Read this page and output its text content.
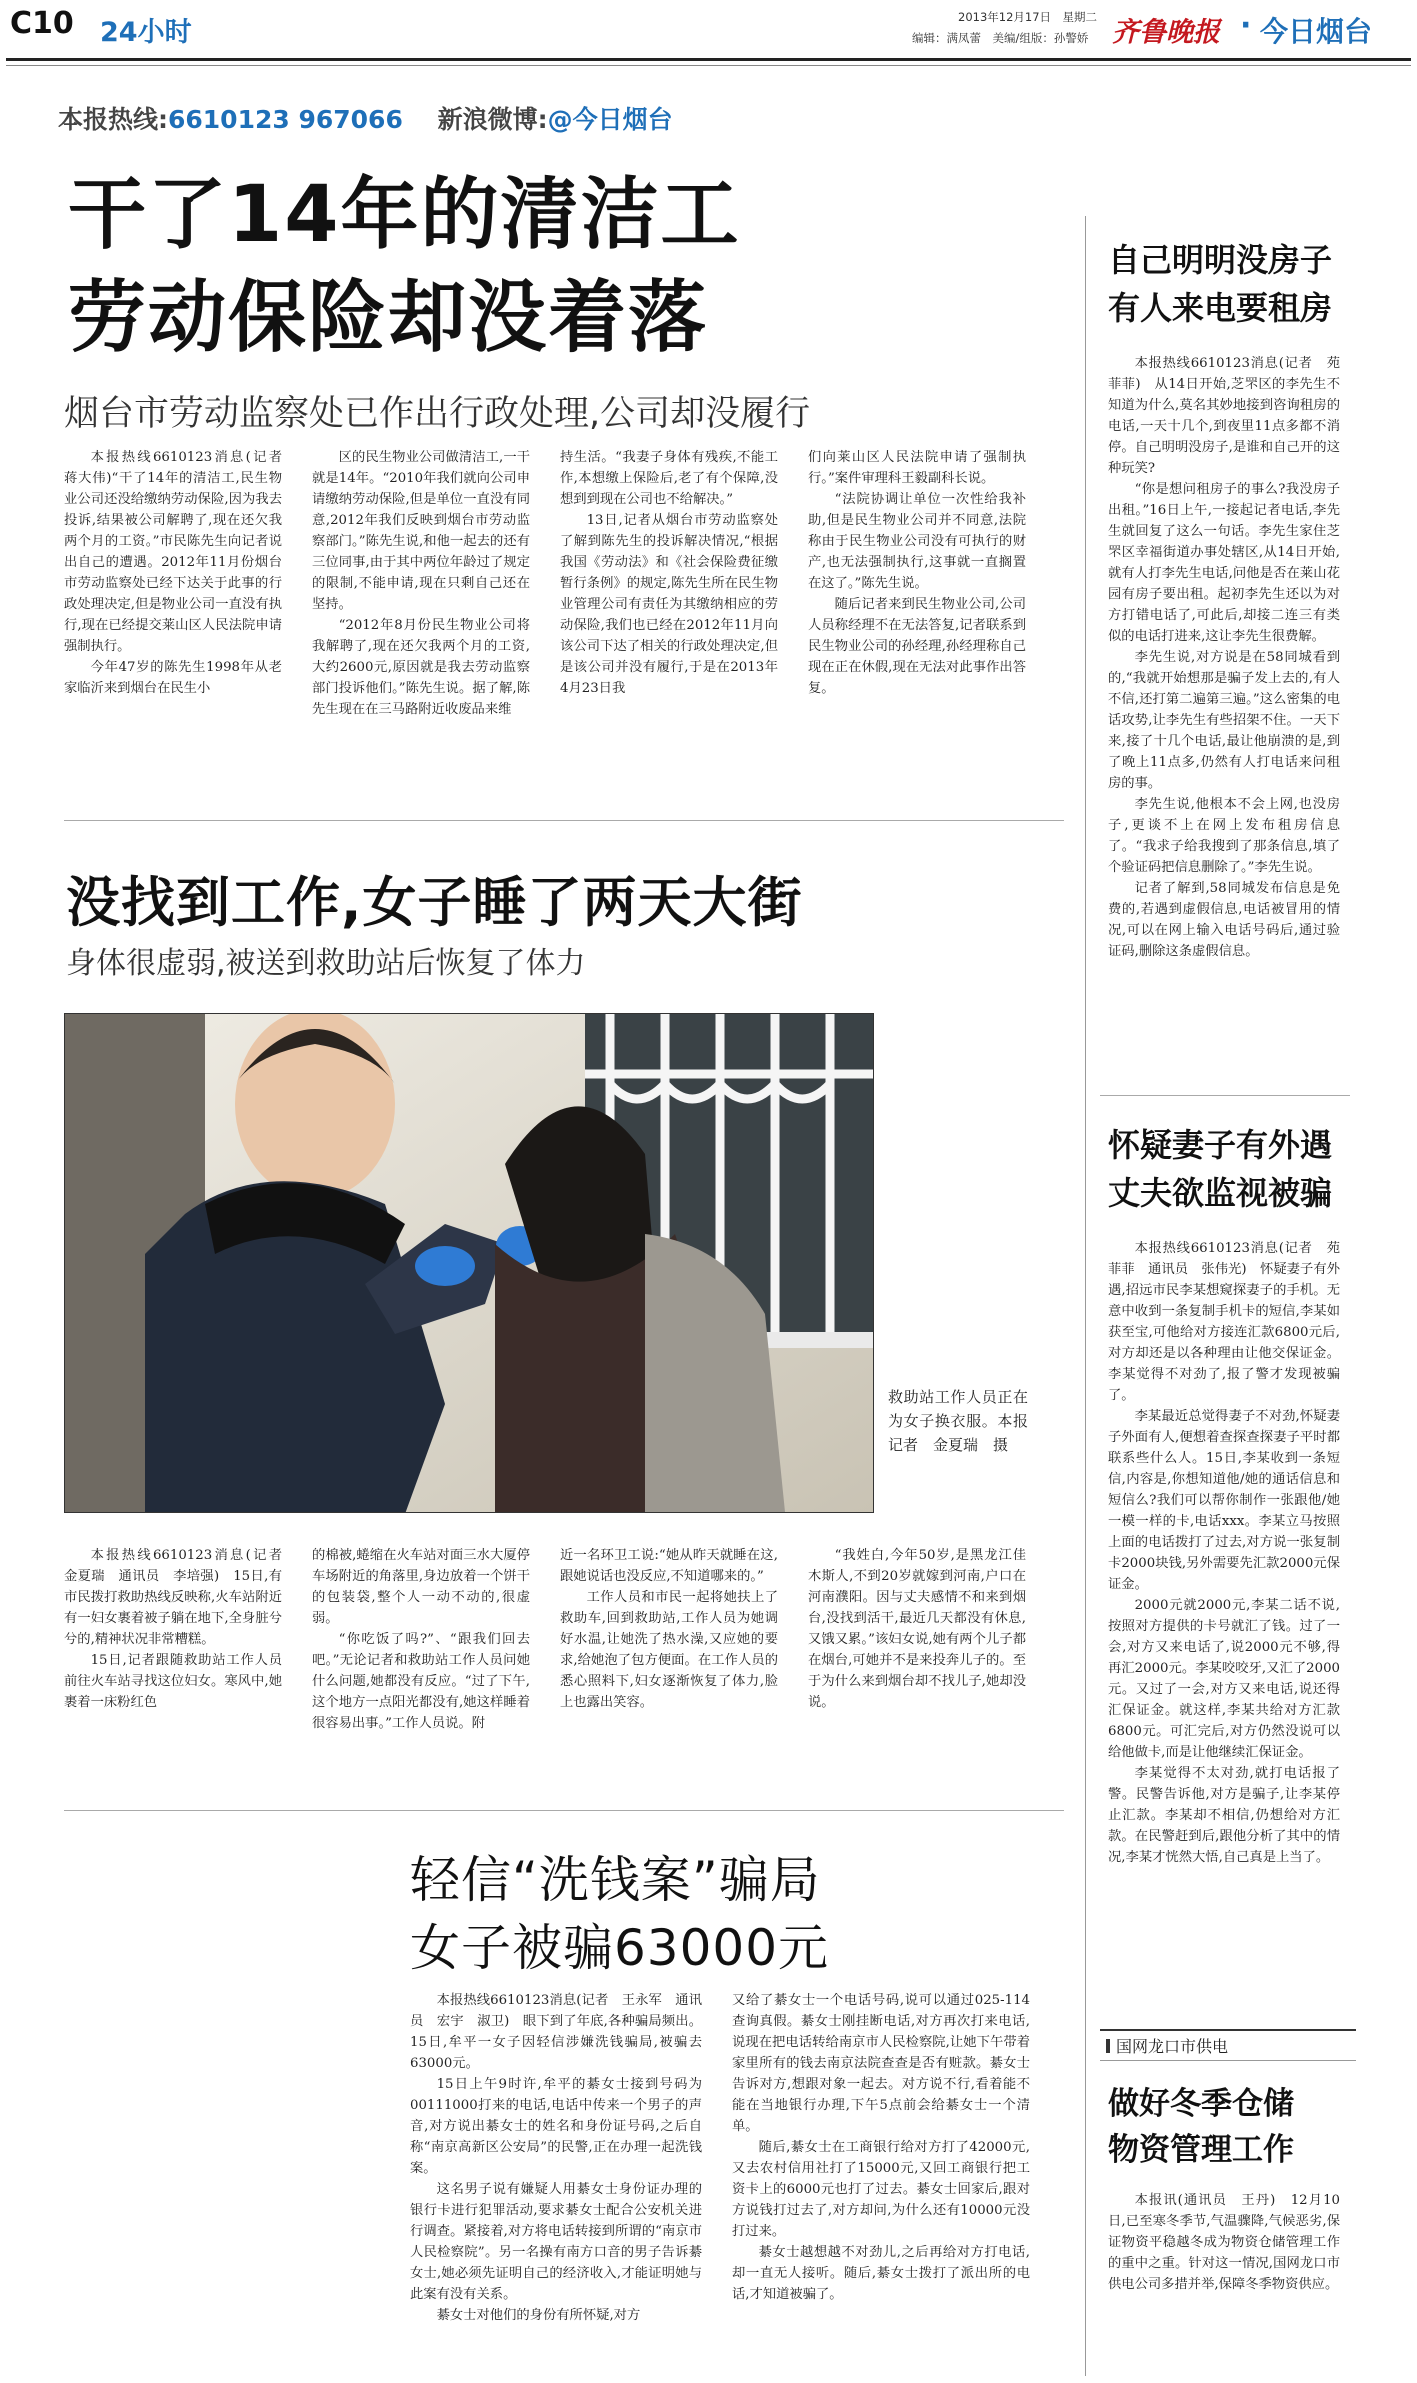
C10 24小时	2013年12月17日　星期二
编辑：满凤蕾　美编/组版：孙警娇 齐鲁晚报 · 今日烟台
本报热线:6610123 967066 新浪微博:@今日烟台
干了14年的清洁工
劳动保险却没着落
烟台市劳动监察处已作出行政处理,公司却没履行

本报热线6610123消息(记者　蒋大伟)“干了14年的清洁工,民生物业公司还没给缴纳劳动保险,因为我去投诉,结果被公司解聘了,现在还欠我两个月的工资。”市民陈先生向记者说出自己的遭遇。2012年11月份烟台市劳动监察处已经下达关于此事的行政处理决定,但是物业公司一直没有执行,现在已经提交莱山区人民法院申请强制执行。

今年47岁的陈先生1998年从老家临沂来到烟台在民生小

区的民生物业公司做清洁工,一干就是14年。“2010年我们就向公司申请缴纳劳动保险,但是单位一直没有同意,2012年我们反映到烟台市劳动监察部门。”陈先生说,和他一起去的还有三位同事,由于其中两位年龄过了规定的限制,不能申请,现在只剩自己还在坚持。

“2012年8月份民生物业公司将我解聘了,现在还欠我两个月的工资,大约2600元,原因就是我去劳动监察部门投诉他们。”陈先生说。据了解,陈先生现在在三马路附近收废品来维

持生活。“我妻子身体有残疾,不能工作,本想缴上保险后,老了有个保障,没想到到现在公司也不给解决。”

13日,记者从烟台市劳动监察处了解到陈先生的投诉解决情况,“根据我国《劳动法》和《社会保险费征缴暂行条例》的规定,陈先生所在民生物业管理公司有责任为其缴纳相应的劳动保险,我们也已经在2012年11月向该公司下达了相关的行政处理决定,但是该公司并没有履行,于是在2013年4月23日我

们向莱山区人民法院申请了强制执行。”案件审理科王毅副科长说。

“法院协调让单位一次性给我补助,但是民生物业公司并不同意,法院称由于民生物业公司没有可执行的财产,也无法强制执行,这事就一直搁置在这了。”陈先生说。

随后记者来到民生物业公司,公司人员称经理不在无法答复,记者联系到民生物业公司的孙经理,孙经理称自己现在正在休假,现在无法对此事作出答复。

没找到工作,女子睡了两天大街
身体很虚弱,被送到救助站后恢复了体力
救助站工作人员正在为女子换衣服。本报记者　金夏瑞　摄

本报热线6610123消息(记者　金夏瑞　通讯员　李培强)　15日,有市民拨打救助热线反映称,火车站附近有一妇女裹着被子躺在地下,全身脏兮兮的,精神状况非常糟糕。

15日,记者跟随救助站工作人员前往火车站寻找这位妇女。寒风中,她裹着一床粉红色

的棉被,蜷缩在火车站对面三水大厦停车场附近的角落里,身边放着一个饼干的包装袋,整个人一动不动的,很虚弱。

“你吃饭了吗?”、“跟我们回去吧。”无论记者和救助站工作人员问她什么问题,她都没有反应。“过了下午,这个地方一点阳光都没有,她这样睡着很容易出事。”工作人员说。附

近一名环卫工说:“她从昨天就睡在这,跟她说话也没反应,不知道哪来的。”

工作人员和市民一起将她扶上了救助车,回到救助站,工作人员为她调好水温,让她洗了热水澡,又应她的要求,给她泡了包方便面。在工作人员的悉心照料下,妇女逐渐恢复了体力,脸上也露出笑容。

“我姓白,今年50岁,是黑龙江佳木斯人,不到20岁就嫁到河南,户口在河南濮阳。因与丈夫感情不和来到烟台,没找到活干,最近几天都没有休息,又饿又累。”该妇女说,她有两个儿子都在烟台,可她并不是来投奔儿子的。至于为什么来到烟台却不找儿子,她却没说。

轻信“洗钱案”骗局
女子被骗63000元

本报热线6610123消息(记者　王永军　通讯员　宏宇　淑卫)　眼下到了年底,各种骗局频出。15日,牟平一女子因轻信涉嫌洗钱骗局,被骗去63000元。

15日上午9时许,牟平的綦女士接到号码为00111000打来的电话,电话中传来一个男子的声音,对方说出綦女士的姓名和身份证号码,之后自称“南京高新区公安局”的民警,正在办理一起洗钱案。

这名男子说有嫌疑人用綦女士身份证办理的银行卡进行犯罪活动,要求綦女士配合公安机关进行调查。紧接着,对方将电话转接到所谓的“南京市人民检察院”。另一名操有南方口音的男子告诉綦女士,她必须先证明自己的经济收入,才能证明她与此案有没有关系。

綦女士对他们的身份有所怀疑,对方

又给了綦女士一个电话号码,说可以通过025-114查询真假。綦女士刚挂断电话,对方再次打来电话,说现在把电话转给南京市人民检察院,让她下午带着家里所有的钱去南京法院查查是否有赃款。綦女士告诉对方,想跟对象一起去。对方说不行,看着能不能在当地银行办理,下午5点前会给綦女士一个清单。

随后,綦女士在工商银行给对方打了42000元,又去农村信用社打了15000元,又回工商银行把工资卡上的6000元也打了过去。綦女士回家后,跟对方说钱打过去了,对方却问,为什么还有10000元没打过来。

綦女士越想越不对劲儿,之后再给对方打电话,却一直无人接听。随后,綦女士拨打了派出所的电话,才知道被骗了。

自己明明没房子
有人来电要租房

本报热线6610123消息(记者　苑菲菲)　从14日开始,芝罘区的李先生不知道为什么,莫名其妙地接到咨询租房的电话,一天十几个,到夜里11点多都不消停。自己明明没房子,是谁和自己开的这种玩笑?

“你是想问租房子的事么?我没房子出租。”16日上午,一接起记者电话,李先生就回复了这么一句话。李先生家住芝罘区幸福街道办事处辖区,从14日开始,就有人打李先生电话,问他是否在莱山花园有房子要出租。起初李先生还以为对方打错电话了,可此后,却接二连三有类似的电话打进来,这让李先生很费解。

李先生说,对方说是在58同城看到的,“我就开始想那是骗子发上去的,有人不信,还打第二遍第三遍。”这么密集的电话攻势,让李先生有些招架不住。一天下来,接了十几个电话,最让他崩溃的是,到了晚上11点多,仍然有人打电话来问租房的事。

李先生说,他根本不会上网,也没房子,更谈不上在网上发布租房信息了。“我求子给我搜到了那条信息,填了个验证码把信息删除了。”李先生说。

记者了解到,58同城发布信息是免费的,若遇到虚假信息,电话被冒用的情况,可以在网上输入电话号码后,通过验证码,删除这条虚假信息。

怀疑妻子有外遇
丈夫欲监视被骗

本报热线6610123消息(记者　苑菲菲　通讯员　张伟光)　怀疑妻子有外遇,招远市民李某想窥探妻子的手机。无意中收到一条复制手机卡的短信,李某如获至宝,可他给对方接连汇款6800元后,对方却还是以各种理由让他交保证金。李某觉得不对劲了,报了警才发现被骗了。

李某最近总觉得妻子不对劲,怀疑妻子外面有人,便想着查探查探妻子平时都联系些什么人。15日,李某收到一条短信,内容是,你想知道他/她的通话信息和短信么?我们可以帮你制作一张跟他/她一模一样的卡,电话xxx。李某立马按照上面的电话拨打了过去,对方说一张复制卡2000块钱,另外需要先汇款2000元保证金。

2000元就2000元,李某二话不说,按照对方提供的卡号就汇了钱。过了一会,对方又来电话了,说2000元不够,得再汇2000元。李某咬咬牙,又汇了2000元。又过了一会,对方又来电话,说还得汇保证金。就这样,李某共给对方汇款6800元。可汇完后,对方仍然没说可以给他做卡,而是让他继续汇保证金。

李某觉得不太对劲,就打电话报了警。民警告诉他,对方是骗子,让李某停止汇款。李某却不相信,仍想给对方汇款。在民警赶到后,跟他分析了其中的情况,李某才恍然大悟,自己真是上当了。

国网龙口市供电
做好冬季仓储
物资管理工作

本报讯(通讯员　王丹)　12月10日,已至寒冬季节,气温骤降,气候恶劣,保证物资平稳越冬成为物资仓储管理工作的重中之重。针对这一情况,国网龙口市供电公司多措并举,保障冬季物资供应。
